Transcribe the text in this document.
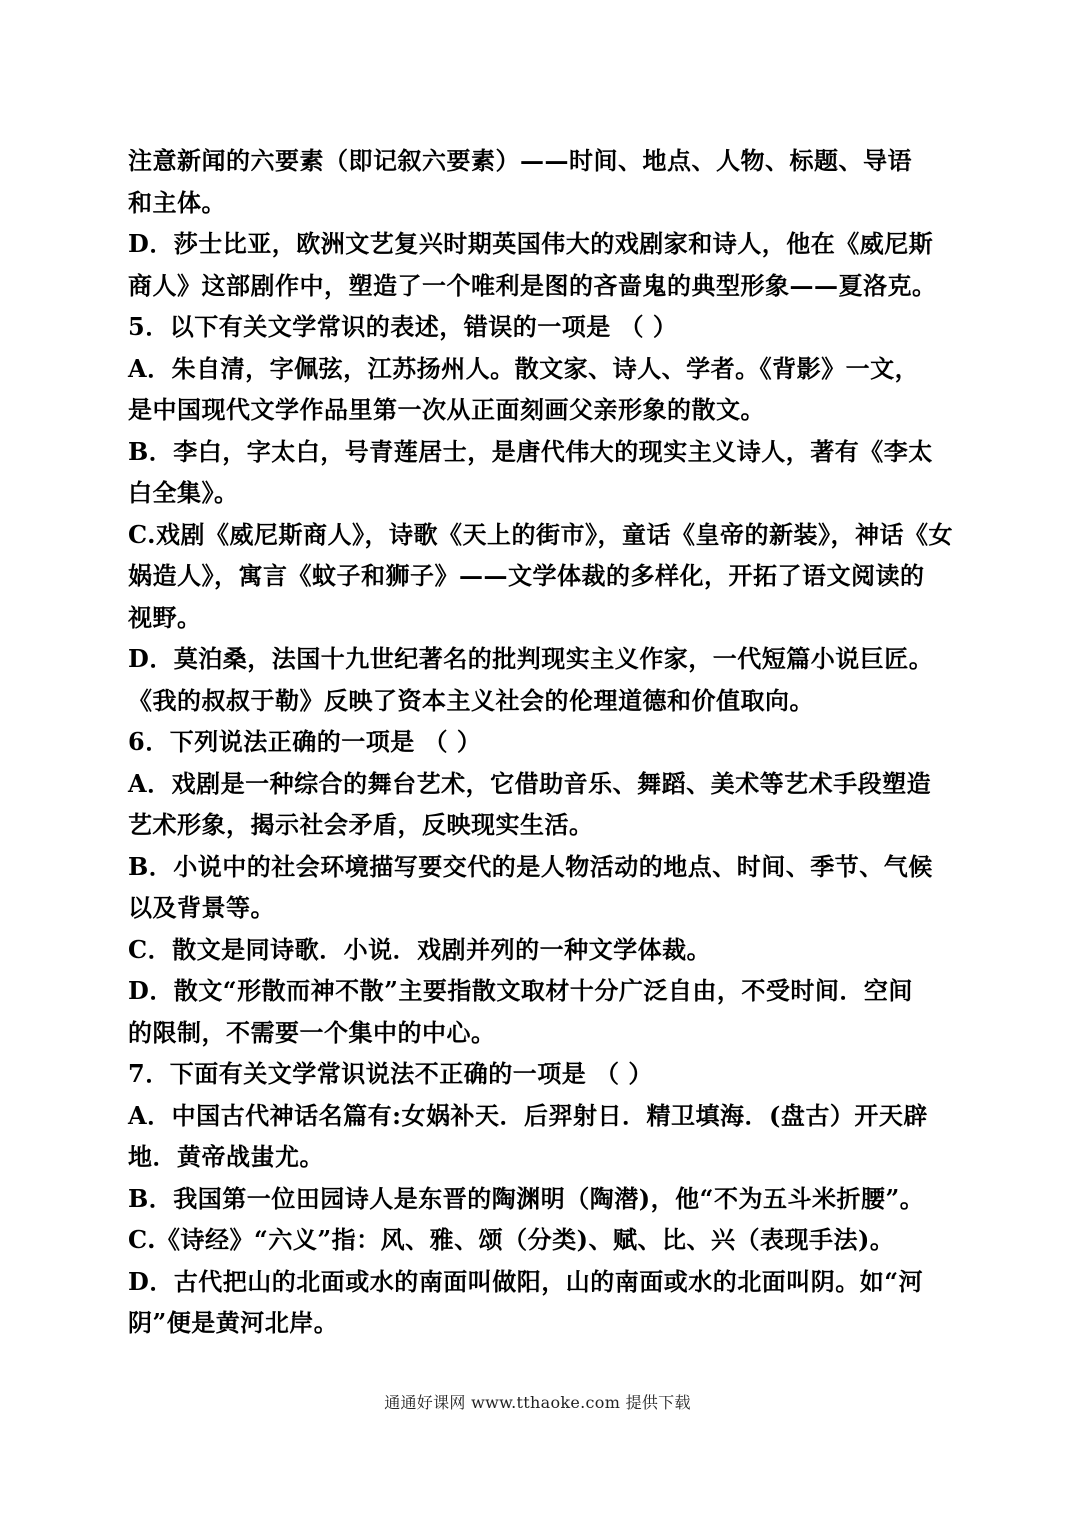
注意新闻的六要素（即记叙六要素）——时间、地点、人物、标题、导语
和主体。
D．莎士比亚，欧洲文艺复兴时期英国伟大的戏剧家和诗人，他在《威尼斯
商人》这部剧作中，塑造了一个唯利是图的吝啬鬼的典型形象——夏洛克。
5．以下有关文学常识的表述，错误的一项是 （ ）
A．朱自清，字佩弦，江苏扬州人。散文家、诗人、学者。《背影》一文，
是中国现代文学作品里第一次从正面刻画父亲形象的散文。
B．李白，字太白，号青莲居士，是唐代伟大的现实主义诗人，著有《李太
白全集》。
C.戏剧《威尼斯商人》，诗歌《天上的街市》，童话《皇帝的新装》，神话《女
娲造人》，寓言《蚊子和狮子》——文学体裁的多样化，开拓了语文阅读的
视野。
D．莫泊桑，法国十九世纪著名的批判现实主义作家，一代短篇小说巨匠。
《我的叔叔于勒》反映了资本主义社会的伦理道德和价值取向。
6．下列说法正确的一项是 （ ）
A．戏剧是一种综合的舞台艺术，它借助音乐、舞蹈、美术等艺术手段塑造
艺术形象，揭示社会矛盾，反映现实生活。
B．小说中的社会环境描写要交代的是人物活动的地点、时间、季节、气候
以及背景等。
C．散文是同诗歌．小说．戏剧并列的一种文学体裁。
D．散文“形散而神不散”主要指散文取材十分广泛自由，不受时间．空间
的限制，不需要一个集中的中心。
7．下面有关文学常识说法不正确的一项是 （ ）
A．中国古代神话名篇有:女娲补天．后羿射日．精卫填海．(盘古）开天辟
地．黄帝战蚩尤。
B．我国第一位田园诗人是东晋的陶渊明（陶潜)，他“不为五斗米折腰”。
C.《诗经》“六义”指：风、雅、颂（分类)、赋、比、兴（表现手法)。
D．古代把山的北面或水的南面叫做阳，山的南面或水的北面叫阴。如“河
阴”便是黄河北岸。
通通好课网 www.tthaoke.com 提供下载
